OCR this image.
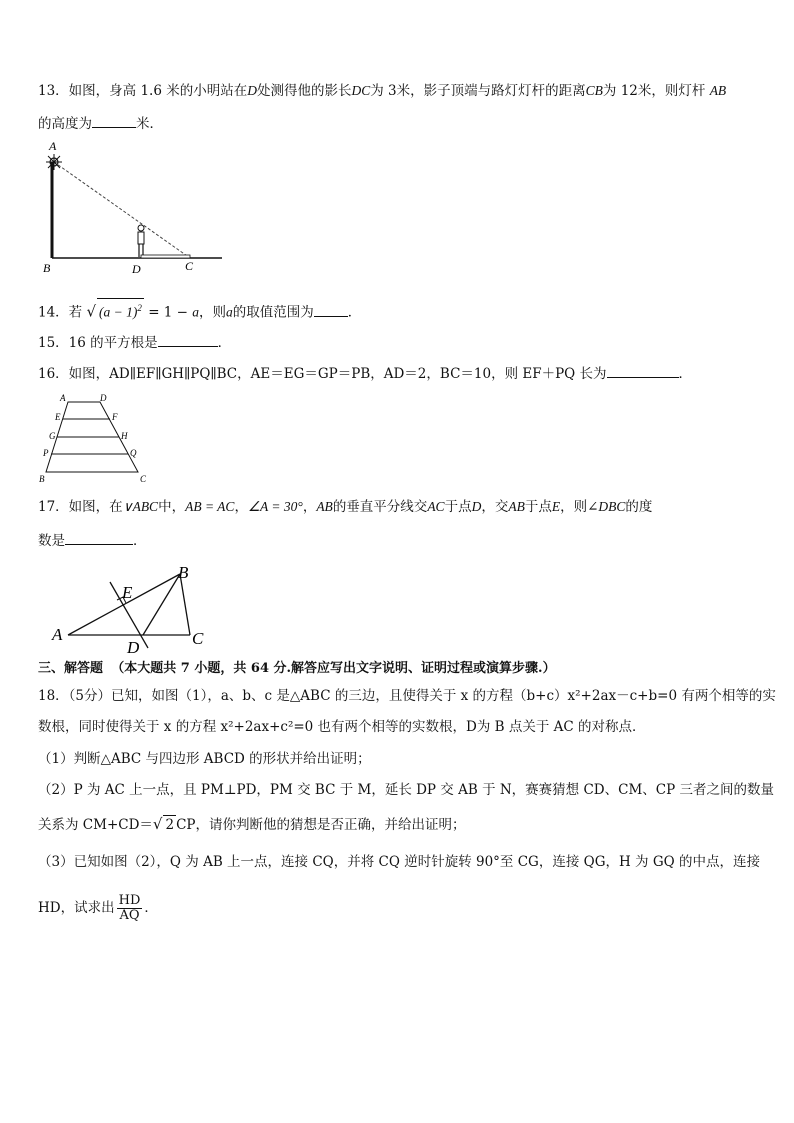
13．如图，身高 1.6 米的小明站在D处测得他的影长DC为 3米，影子顶端与路灯灯杆的距离CB为 12米，则灯杆 AB
的高度为	米．
A
B	D	C
14．若 √ $(a - 1)^2 = 1 - a$，则a的取值范围为	．
15．16 的平方根是	．
16．如图，AD∥EF∥GH∥PQ∥BC，AE＝EG＝GP＝PB，AD＝2，BC＝10，则 EF＋PQ 长为	．
A	D
E	F
G	H
P	Q
B	C
17．如图，在∨ABC中，AB = AC，∠A = 30°，AB的垂直平分线交AC于点D，交AB于点E，则∠DBC的度
数是	．
A
B
C
D
E
三、解答题 （本大题共 7 小题，共 64 分.解答应写出文字说明、证明过程或演算步骤.）
18．（5分）已知，如图（1），a、b、c 是△ABC 的三边，且使得关于 x 的方程（b+c）x²+2ax－c+b=0 有两个相等的实
数根，同时使得关于 x 的方程 x²+2ax+c²=0 也有两个相等的实数根，D为 B 点关于 AC 的对称点．
（1）判断△ABC 与四边形 ABCD 的形状并给出证明；
（2）P 为 AC 上一点，且 PM⊥PD，PM 交 BC 于 M，延长 DP 交 AB 于 N，赛赛猜想 CD、CM、CP 三者之间的数量
关系为 CM+CD＝√ 2 CP，请你判断他的猜想是否正确，并给出证明；
（3）已知如图（2），Q 为 AB 上一点，连接 CQ，并将 CQ 逆时针旋转 90°至 CG，连接 QG，H 为 GQ 的中点，连接
HD，试求出 $\frac{HD}{AQ}$ ．
